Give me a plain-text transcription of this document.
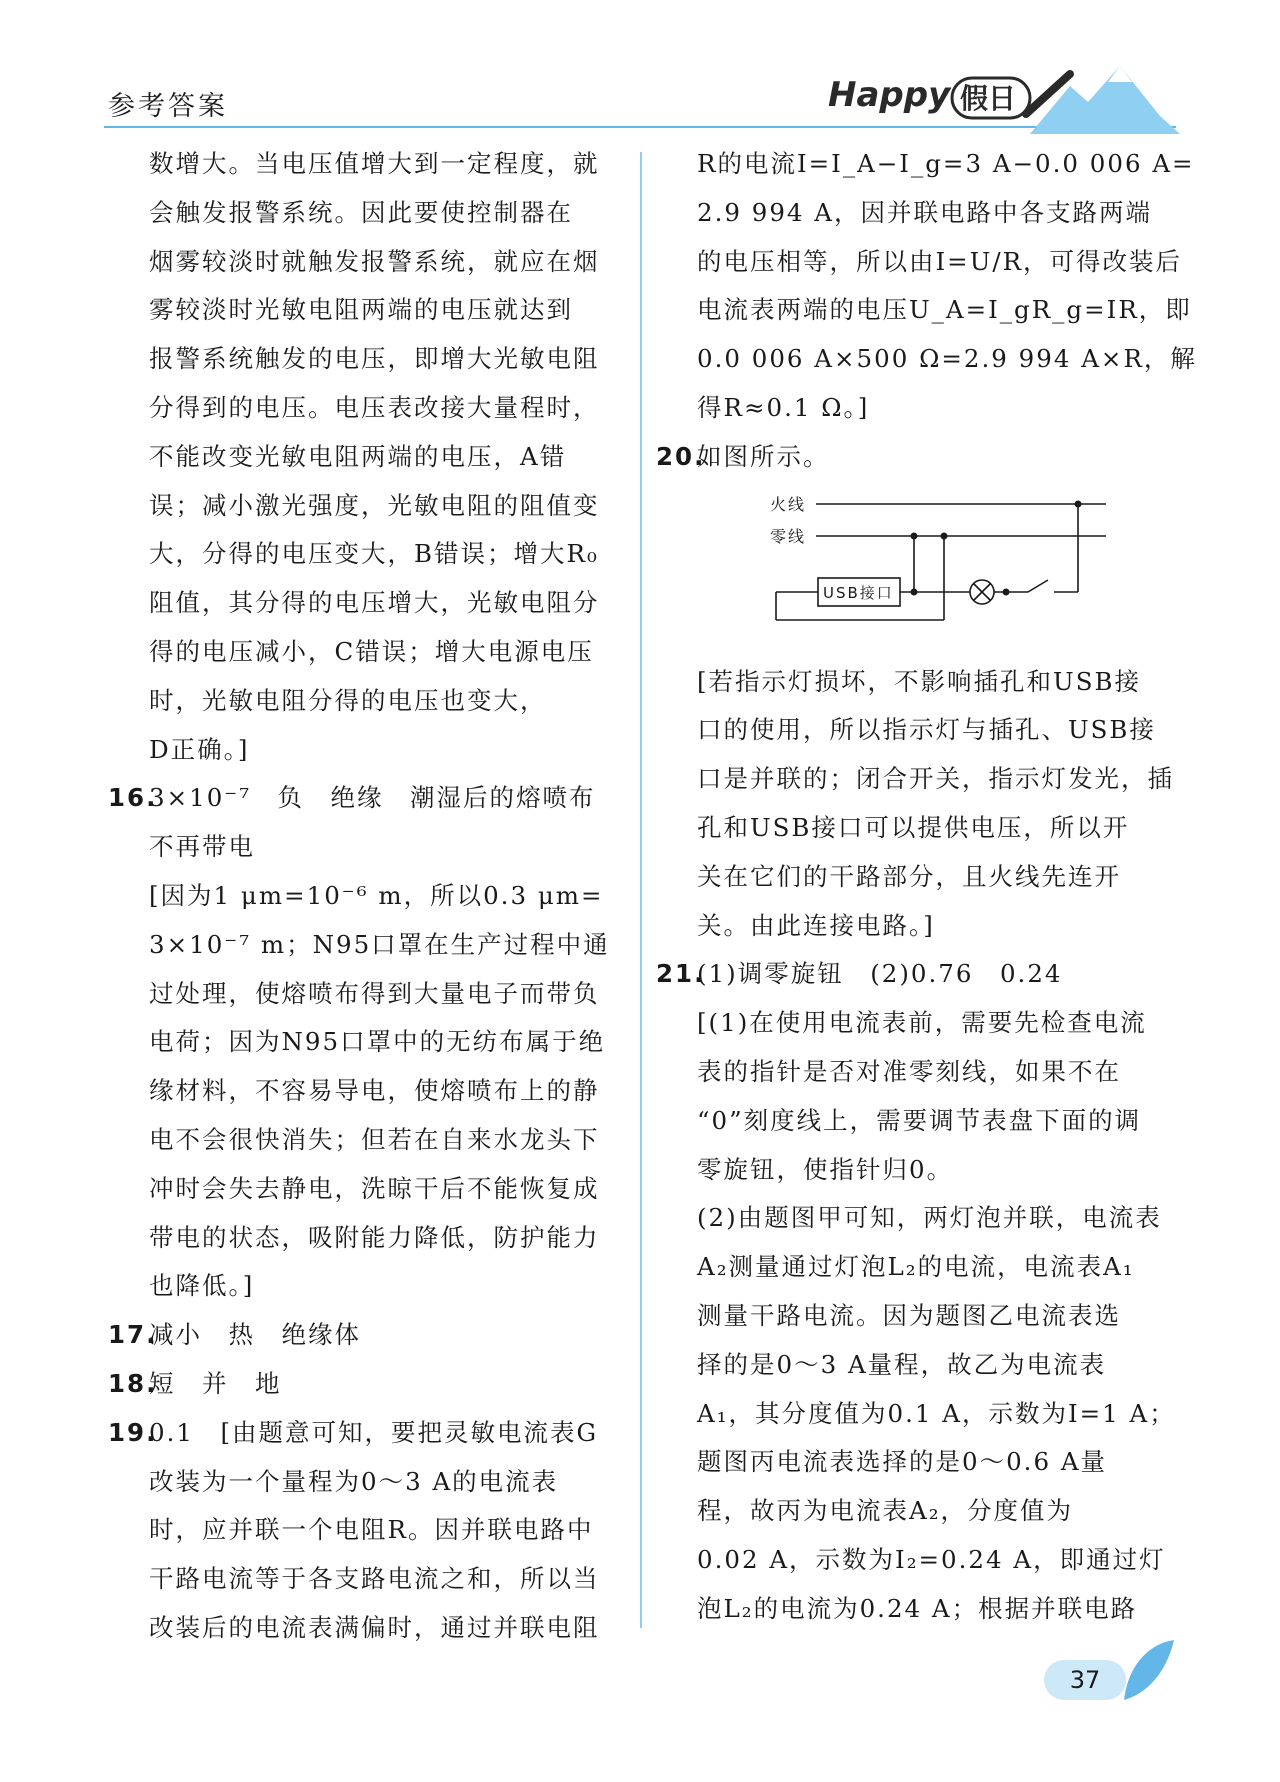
参考答案	Happy 假日
数增大。当电压值增大到一定程度，就
会触发报警系统。因此要使控制器在
烟雾较淡时就触发报警系统，就应在烟
雾较淡时光敏电阻两端的电压就达到
报警系统触发的电压，即增大光敏电阻
分得到的电压。电压表改接大量程时，
不能改变光敏电阻两端的电压，A错
误；减小激光强度，光敏电阻的阻值变
大，分得的电压变大，B错误；增大R₀
阻值，其分得的电压增大，光敏电阻分
得的电压减小，C错误；增大电源电压
时，光敏电阻分得的电压也变大，
D正确。]
16.
3×10⁻⁷　负　绝缘　潮湿后的熔喷布
不再带电
[因为1 μm=10⁻⁶ m，所以0.3 μm=
3×10⁻⁷ m；N95口罩在生产过程中通
过处理，使熔喷布得到大量电子而带负
电荷；因为N95口罩中的无纺布属于绝
缘材料，不容易导电，使熔喷布上的静
电不会很快消失；但若在自来水龙头下
冲时会失去静电，洗晾干后不能恢复成
带电的状态，吸附能力降低，防护能力
也降低。]
17.
减小　热　绝缘体
18.
短　并　地
19.
0.1　[由题意可知，要把灵敏电流表G
改装为一个量程为0～3 A的电流表
时，应并联一个电阻R。因并联电路中
干路电流等于各支路电流之和，所以当
改装后的电流表满偏时，通过并联电阻
R的电流I=I_A−I_g=3 A−0.0 006 A=
2.9 994 A，因并联电路中各支路两端
的电压相等，所以由I=U/R，可得改装后
电流表两端的电压U_A=I_gR_g=IR，即
0.0 006 A×500 Ω=2.9 994 A×R，解
得R≈0.1 Ω。]
20.
如图所示。
火线
零线
USB接口
[若指示灯损坏，不影响插孔和USB接
口的使用，所以指示灯与插孔、USB接
口是并联的；闭合开关，指示灯发光，插
孔和USB接口可以提供电压，所以开
关在它们的干路部分，且火线先连开
关。由此连接电路。]
21.
(1)调零旋钮　(2)0.76　0.24
[(1)在使用电流表前，需要先检查电流
表的指针是否对准零刻线，如果不在
“0”刻度线上，需要调节表盘下面的调
零旋钮，使指针归0。
(2)由题图甲可知，两灯泡并联，电流表
A₂测量通过灯泡L₂的电流，电流表A₁
测量干路电流。因为题图乙电流表选
择的是0～3 A量程，故乙为电流表
A₁，其分度值为0.1 A，示数为I=1 A；
题图丙电流表选择的是0～0.6 A量
程，故丙为电流表A₂，分度值为
0.02 A，示数为I₂=0.24 A，即通过灯
泡L₂的电流为0.24 A；根据并联电路
37
